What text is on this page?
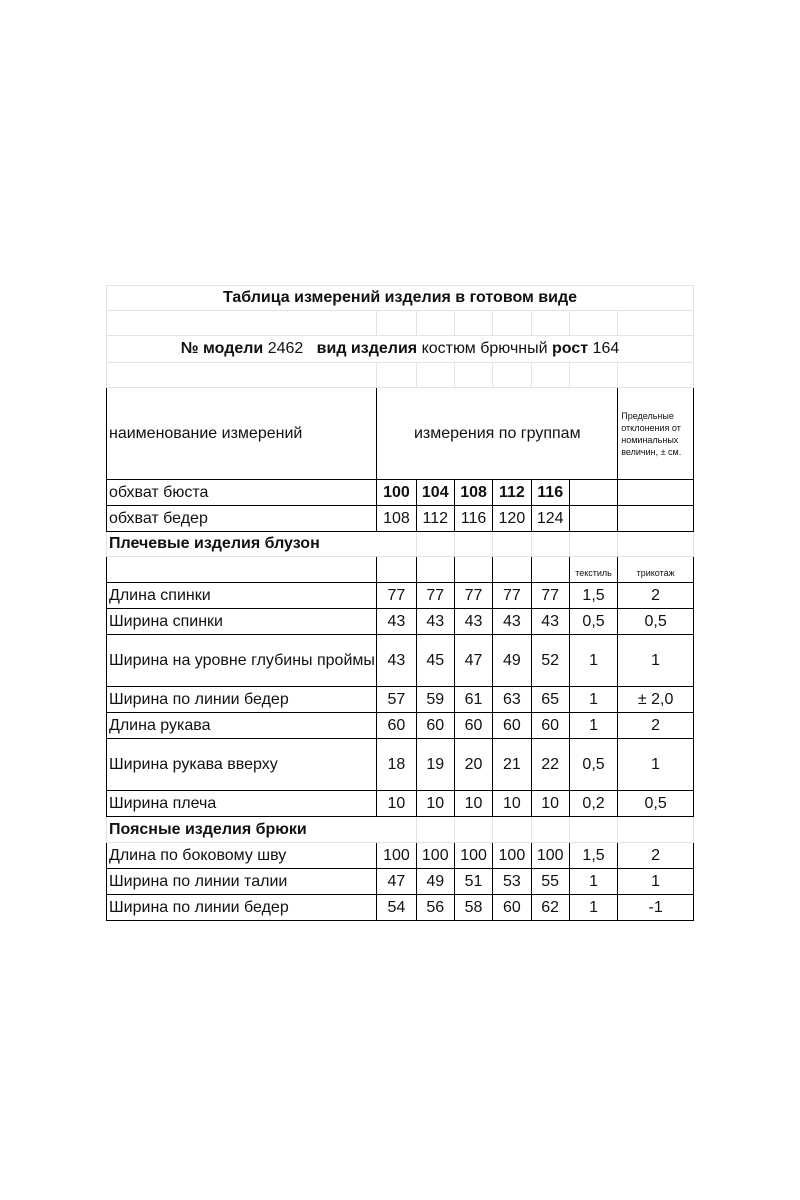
Таблица измерений изделия в готовом виде							

№ модели 2462 вид изделия костюм брючный рост 164							

наименование измерений	измерения по группам						Предельные отклонения от номинальных величин, ± см.
обхват бюста	100	104	108	112	116		
обхват бедер	108	112	116	120	124		
Плечевые изделия блузон							
						текстиль	трикотаж
Длина спинки	77	77	77	77	77	1,5	2
Ширина спинки	43	43	43	43	43	0,5	0,5
Ширина на уровне глубины проймы	43	45	47	49	52	1	1
Ширина по линии бедер	57	59	61	63	65	1	± 2,0
Длина рукава	60	60	60	60	60	1	2
Ширина рукава вверху	18	19	20	21	22	0,5	1
Ширина плеча	10	10	10	10	10	0,2	0,5
Поясные изделия брюки							
Длина по боковому шву	100	100	100	100	100	1,5	2
Ширина по линии талии	47	49	51	53	55	1	1
Ширина по линии бедер	54	56	58	60	62	1	-1
